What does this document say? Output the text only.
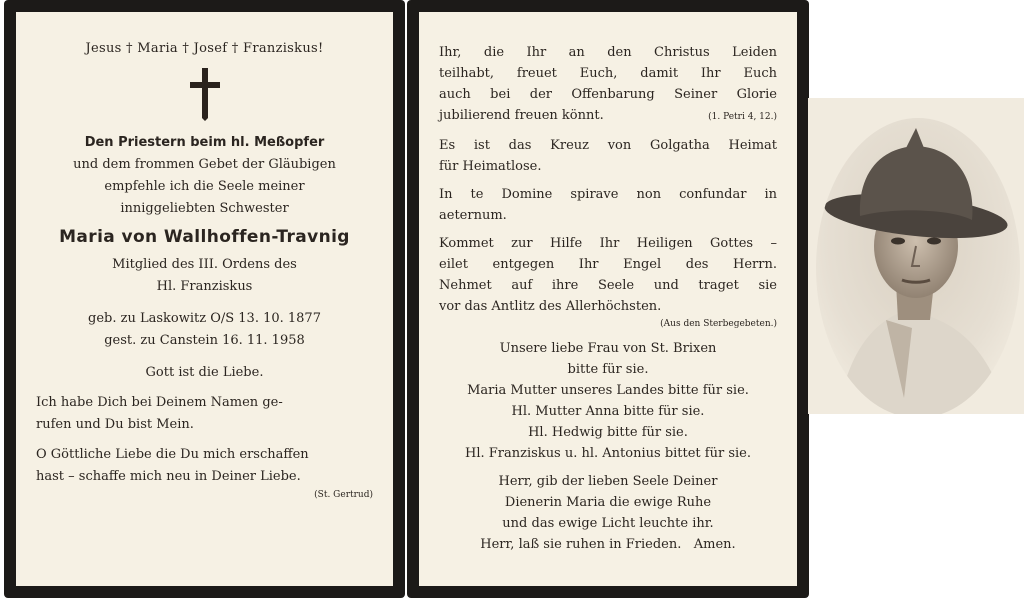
Jesus † Maria † Josef † Franziskus!
Den Priestern beim hl. Meßopfer
und dem frommen Gebet der Gläubigen
empfehle ich die Seele meiner
inniggeliebten Schwester
Maria von Wallhoffen-Travnig
Mitglied des III. Ordens des
Hl. Franziskus
geb. zu Laskowitz O/S 13. 10. 1877
gest. zu Canstein 16. 11. 1958
Gott ist die Liebe.
Ich habe Dich bei Deinem Namen ge-
rufen und Du bist Mein.
O Göttliche Liebe die Du mich erschaffen
hast – schaffe mich neu in Deiner Liebe.
(St. Gertrud)
Ihr, die Ihr an den Christus Leiden
teilhabt, freuet Euch, damit Ihr Euch
auch bei der Offenbarung Seiner Glorie
jubilierend freuen könnt.	(1. Petri 4, 12.)
Es ist das Kreuz von Golgatha Heimat
für Heimatlose.
In te Domine spirave non confundar in
aeternum.
Kommet zur Hilfe Ihr Heiligen Gottes –
eilet entgegen Ihr Engel des Herrn.
Nehmet auf ihre Seele und traget sie
vor das Antlitz des Allerhöchsten.
(Aus den Sterbegebeten.)
Unsere liebe Frau von St. Brixen
bitte für sie.
Maria Mutter unseres Landes bitte für sie.
Hl. Mutter Anna bitte für sie.
Hl. Hedwig bitte für sie.
Hl. Franziskus u. hl. Antonius bittet für sie.
Herr, gib der lieben Seele Deiner
Dienerin Maria die ewige Ruhe
und das ewige Licht leuchte ihr.
Herr, laß sie ruhen in Frieden.   Amen.
